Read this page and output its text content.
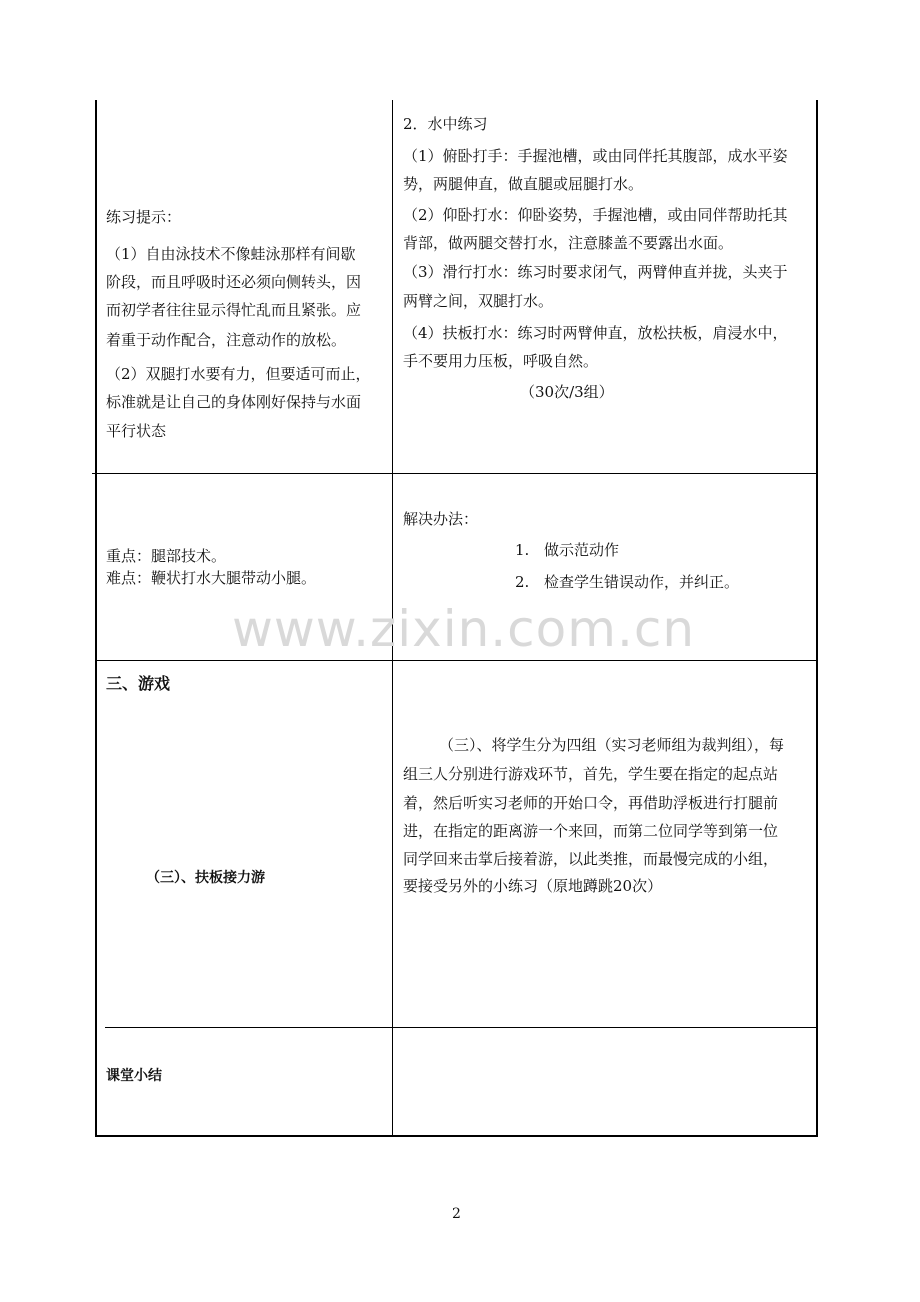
练习提示：
（1）自由泳技术不像蛙泳那样有间歇
阶段，而且呼吸时还必须向侧转头，因
而初学者往往显示得忙乱而且紧张。应
着重于动作配合，注意动作的放松。
（2）双腿打水要有力，但要适可而止，
标准就是让自己的身体刚好保持与水面
平行状态
2．水中练习
（1）俯卧打手：手握池槽，或由同伴托其腹部，成水平姿
势，两腿伸直，做直腿或屈腿打水。
（2）仰卧打水：仰卧姿势，手握池槽，或由同伴帮助托其
背部，做两腿交替打水，注意膝盖不要露出水面。
（3）滑行打水：练习时要求闭气，两臂伸直并拢，头夹于
两臂之间，双腿打水。
（4）扶板打水：练习时两臂伸直，放松扶板，肩浸水中，
手不要用力压板，呼吸自然。
（30次/3组）
重点：腿部技术。
难点：鞭状打水大腿带动小腿。
解决办法：
1. 做示范动作
2. 检查学生错误动作，并纠正。
www.zixin.com.cn
三、游戏
（三）、扶板接力游
（三）、将学生分为四组（实习老师组为裁判组），每
组三人分别进行游戏环节，首先，学生要在指定的起点站
着，然后听实习老师的开始口令，再借助浮板进行打腿前
进，在指定的距离游一个来回，而第二位同学等到第一位
同学回来击掌后接着游，以此类推，而最慢完成的小组，
要接受另外的小练习（原地蹲跳20次）
课堂小结
2
